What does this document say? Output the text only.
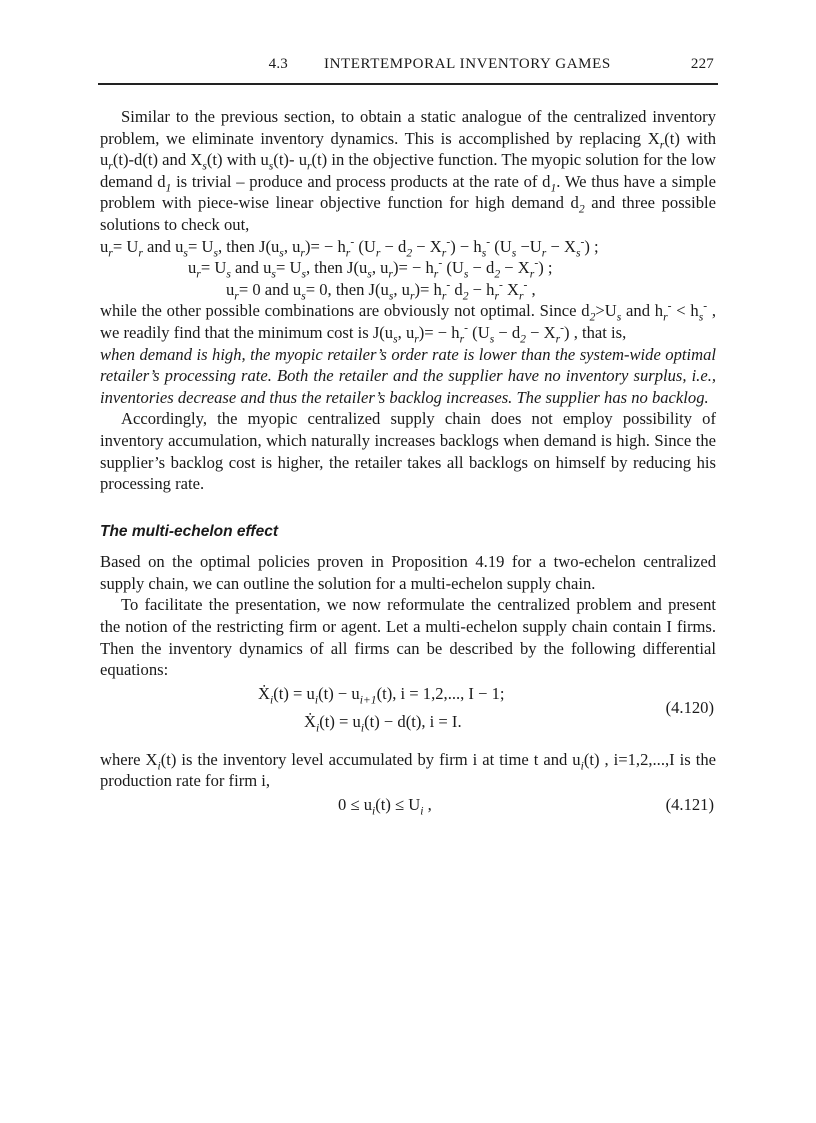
4.3 INTERTEMPORAL INVENTORY GAMES	227

Similar to the previous section, to obtain a static analogue of the centralized inventory problem, we eliminate inventory dynamics. This is accomplished by replacing $X_r(t)$ with $u_r(t)-d(t)$ and $X_s(t)$ with $u_s(t)-$ $u_r(t)$ in the objective function. The myopic solution for the low demand $d_1$ is trivial – produce and process products at the rate of $d_1$. We thus have a simple problem with piece-wise linear objective function for high demand $d_2$ and three possible solutions to check out,

$u_r= U_r$ and $u_s= U_s$, then $J(u_s$, $u_r)= - h_r^-$ $(U_r - d_2 - X_r^-) - h_s^-$ $(U_s -U_r - X_s^-)$ ;
$u_r= U_s$ and $u_s= U_s$, then $J(u_s$, $u_r)= - h_r^-$ $(U_s - d_2 - X_r^-)$ ;
$u_r= 0$ and $u_s= 0$, then $J(u_s$, $u_r)= h_r^-$ $d_2 - h_r^-$ $X_r^-$ ,

while the other possible combinations are obviously not optimal. Since $d_2>U_s$ and $h_r^- < h_s^-$ , we readily find that the minimum cost is $J(u_s$, $u_r)= - h_r^-$ $(U_s - d_2 - X_r^-)$ , that is,

when demand is high, the myopic retailer’s order rate is lower than the system-wide optimal retailer’s processing rate. Both the retailer and the supplier have no inventory surplus, i.e., inventories decrease and thus the retailer’s backlog increases. The supplier has no backlog.

Accordingly, the myopic centralized supply chain does not employ possibility of inventory accumulation, which naturally increases backlogs when demand is high. Since the supplier’s backlog cost is higher, the retailer takes all backlogs on himself by reducing his processing rate.

The multi-echelon effect

Based on the optimal policies proven in Proposition 4.19 for a two-echelon centralized supply chain, we can outline the solution for a multi-echelon supply chain.

To facilitate the presentation, we now reformulate the centralized problem and present the notion of the restricting firm or agent. Let a multi-echelon supply chain contain I firms. Then the inventory dynamics of all firms can be described by the following differential equations:

Ẋ$_i$(t) = $u_i(t) - u_{i+1}(t)$, i = 1,2,..., I − 1;
Ẋ$_i$(t) = $u_i(t) - d(t)$, i = I.
(4.120)

where $X_i(t)$ is the inventory level accumulated by firm i at time t and $u_i(t)$ , i=1,2,...,I is the production rate for firm i,

$0 \le u_i(t) \le U_i$ ,	(4.121)
